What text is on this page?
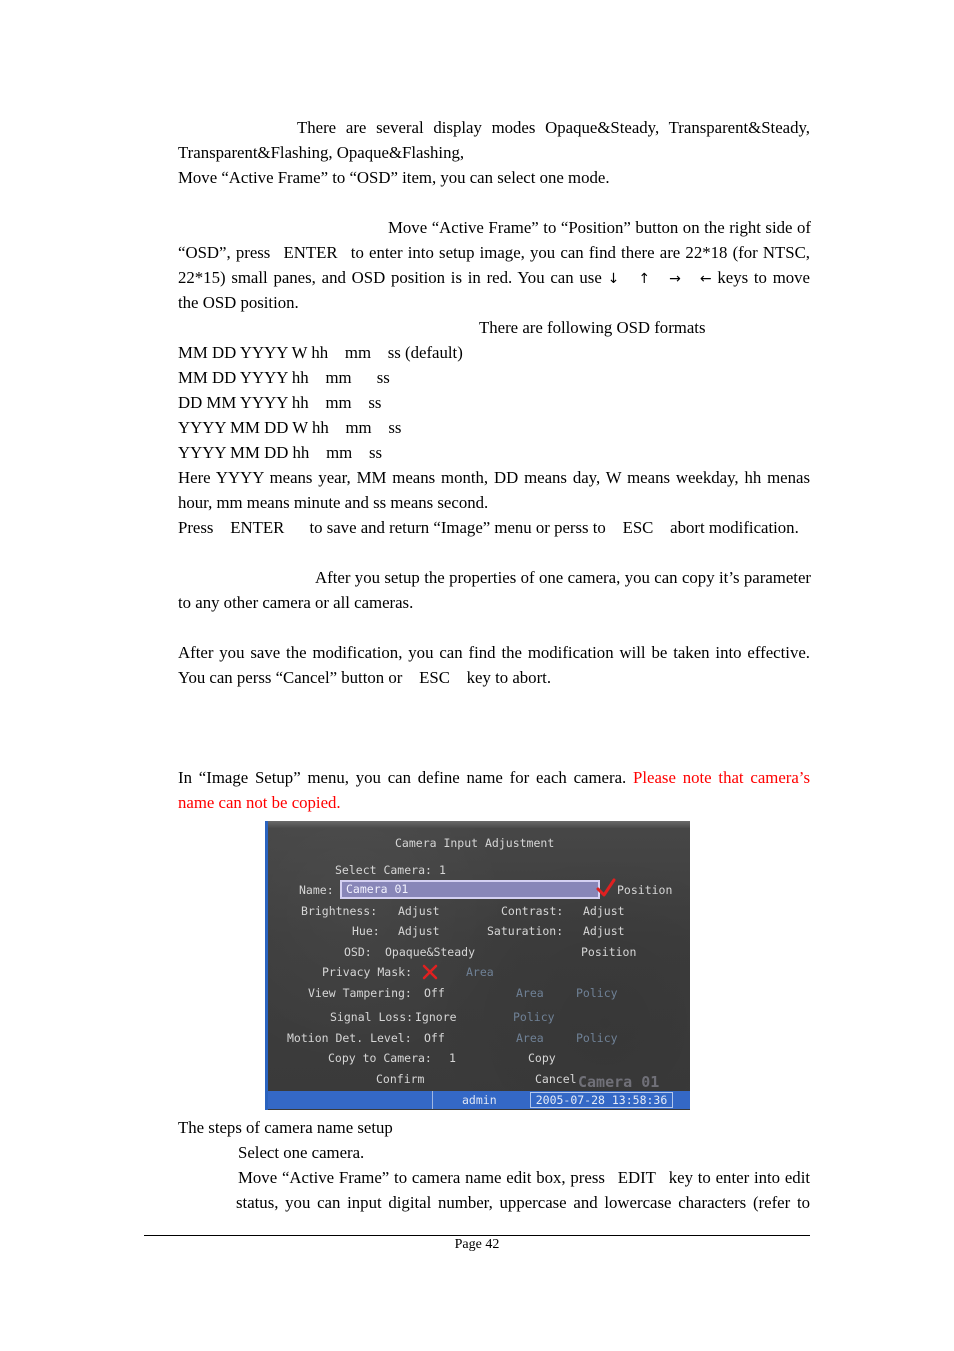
There are several display modes Opaque&Steady, Transparent&Steady,
Transparent&Flashing, Opaque&Flashing,
Move “Active Frame” to “OSD” item, you can select one mode.
Move “Active Frame” to “Position” button on the right side of
“OSD”, press ENTER to enter into setup image, you can find there are 22*18 (for NTSC,
22*15) small panes, and OSD position is in red. You can use ↓ ↑ → ← keys to move
the OSD position.
There are following OSD formats
MM DD YYYY W hh    mm    ss (default)
MM DD YYYY hh    mm      ss
DD MM YYYY hh    mm    ss
YYYY MM DD W hh    mm    ss
YYYY MM DD hh    mm    ss
Here YYYY means year, MM means month, DD means day, W means weekday, hh menas
hour, mm means minute and ss means second.
Press    ENTER      to save and return “Image” menu or perss to    ESC    abort modification.
After you setup the properties of one camera, you can copy it’s parameter
to any other camera or all cameras.
After you save the modification, you can find the modification will be taken into effective.
You can perss “Cancel” button or    ESC    key to abort.
In “Image Setup” menu, you can define name for each camera. Please note that camera’s
name can not be copied.
Camera Input Adjustment
Select Camera: 1
Name:	Camera 01	Position
Brightness: Adjust	Contrast: Adjust
Hue: Adjust	Saturation: Adjust
OSD: Opaque&Steady	Position
Privacy Mask:	Area
View Tampering: Off	Area	Policy
Signal Loss: Ignore	Policy
Motion Det. Level: Off	Area	Policy
Copy to Camera: 1	Copy
Confirm	Cancel Camera 01
admin	2005-07-28 13:58:36
The steps of camera name setup
Select one camera.
Move “Active Frame” to camera name edit box, press EDIT key to enter into edit
status, you can input digital number, uppercase and lowercase characters (refer to
Page 42
